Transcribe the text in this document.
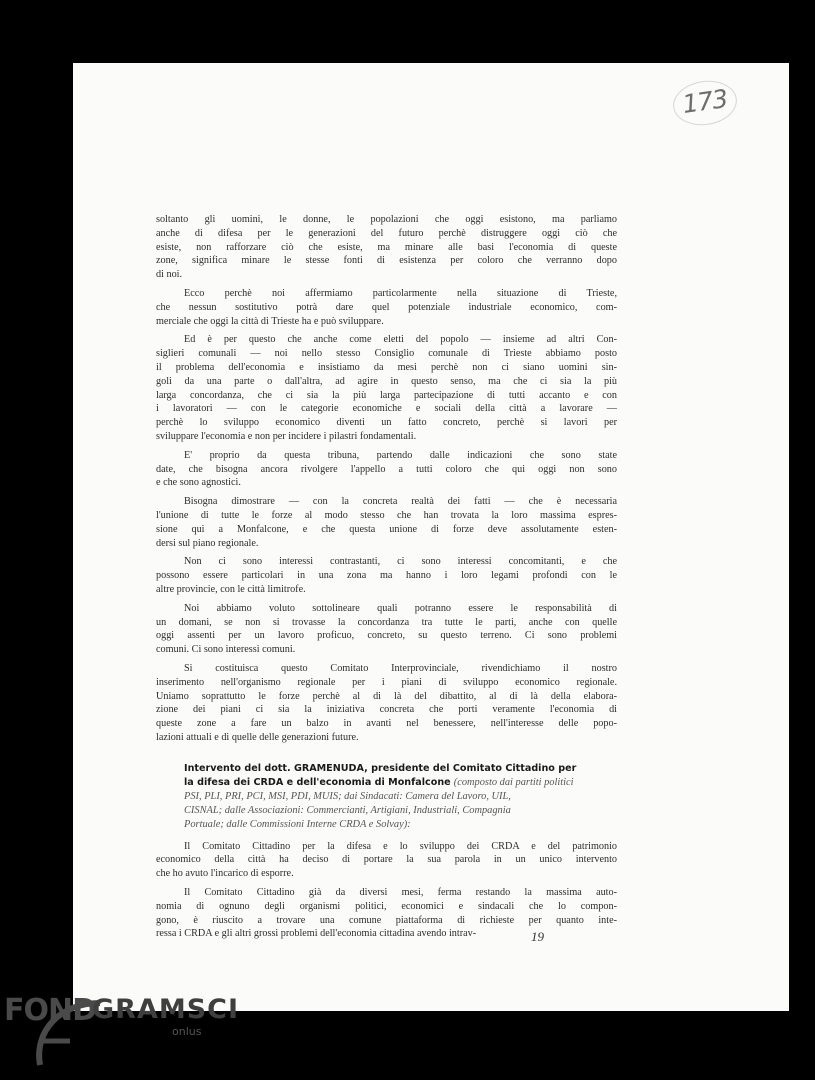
173

soltanto gli uomini, le donne, le popolazioni che oggi esistono, ma parliamo
anche di difesa per le generazioni del futuro perchè distruggere oggi ciò che
esiste, non rafforzare ciò che esiste, ma minare alle basi l'economia di queste
zone, significa minare le stesse fonti di esistenza per coloro che verranno dopo
di noi.

Ecco perchè noi affermiamo particolarmente nella situazione di Trieste,
che nessun sostitutivo potrà dare quel potenziale industriale economico, com-
merciale che oggi la città di Trieste ha e può sviluppare.

Ed è per questo che anche come eletti del popolo — insieme ad altri Con-
siglieri comunali — noi nello stesso Consiglio comunale di Trieste abbiamo posto
il problema dell'economia e insistiamo da mesi perchè non ci siano uomini sin-
goli da una parte o dall'altra, ad agire in questo senso, ma che ci sia la più
larga concordanza, che ci sia la più larga partecipazione di tutti accanto e con
i lavoratori — con le categorie economiche e sociali della città a lavorare —
perchè lo sviluppo economico diventi un fatto concreto, perchè si lavori per
sviluppare l'economia e non per incidere i pilastri fondamentali.

E' proprio da questa tribuna, partendo dalle indicazioni che sono state
date, che bisogna ancora rivolgere l'appello a tutti coloro che qui oggi non sono
e che sono agnostici.

Bisogna dimostrare — con la concreta realtà dei fatti — che è necessaria
l'unione di tutte le forze al modo stesso che han trovata la loro massima espres-
sione qui a Monfalcone, e che questa unione di forze deve assolutamente esten-
dersi sul piano regionale.

Non ci sono interessi contrastanti, ci sono interessi concomitanti, e che
possono essere particolari in una zona ma hanno i loro legami profondi con le
altre provincie, con le città limitrofe.

Noi abbiamo voluto sottolineare quali potranno essere le responsabilità di
un domani, se non si trovasse la concordanza tra tutte le parti, anche con quelle
oggi assenti per un lavoro proficuo, concreto, su questo terreno. Ci sono problemi
comuni. Ci sono interessi comuni.

Si costituisca questo Comitato Interprovinciale, rivendichiamo il nostro
inserimento nell'organismo regionale per i piani di sviluppo economico regionale.
Uniamo soprattutto le forze perchè al di là del dibattito, al di là della elabora-
zione dei piani ci sia la iniziativa concreta che porti veramente l'economia di
queste zone a fare un balzo in avanti nel benessere, nell'interesse delle popo-
lazioni attuali e di quelle delle generazioni future.

Intervento del dott. GRAMENUDA, presidente del Comitato Cittadino per
la difesa dei CRDA e dell'economia di Monfalcone (composto dai partiti politici
PSI, PLI, PRI, PCI, MSI, PDI, MUIS; dai Sindacati: Camera del Lavoro, UIL,
CISNAL; dalle Associazioni: Commercianti, Artigiani, Industriali, Compagnia
Portuale; dalle Commissioni Interne CRDA e Solvay):

Il Comitato Cittadino per la difesa e lo sviluppo dei CRDA e del patrimonio
economico della città ha deciso di portare la sua parola in un unico intervento
che ho avuto l'incarico di esporre.

Il Comitato Cittadino già da diversi mesi, ferma restando la massima auto-
nomia di ognuno degli organismi politici, economici e sindacali che lo compon-
gono, è riuscito a trovare una comune piattaforma di richieste per quanto inte-
ressa i CRDA e gli altri grossi problemi dell'economia cittadina avendo intrav-	19
FOND
GRAMSCI
onlus
